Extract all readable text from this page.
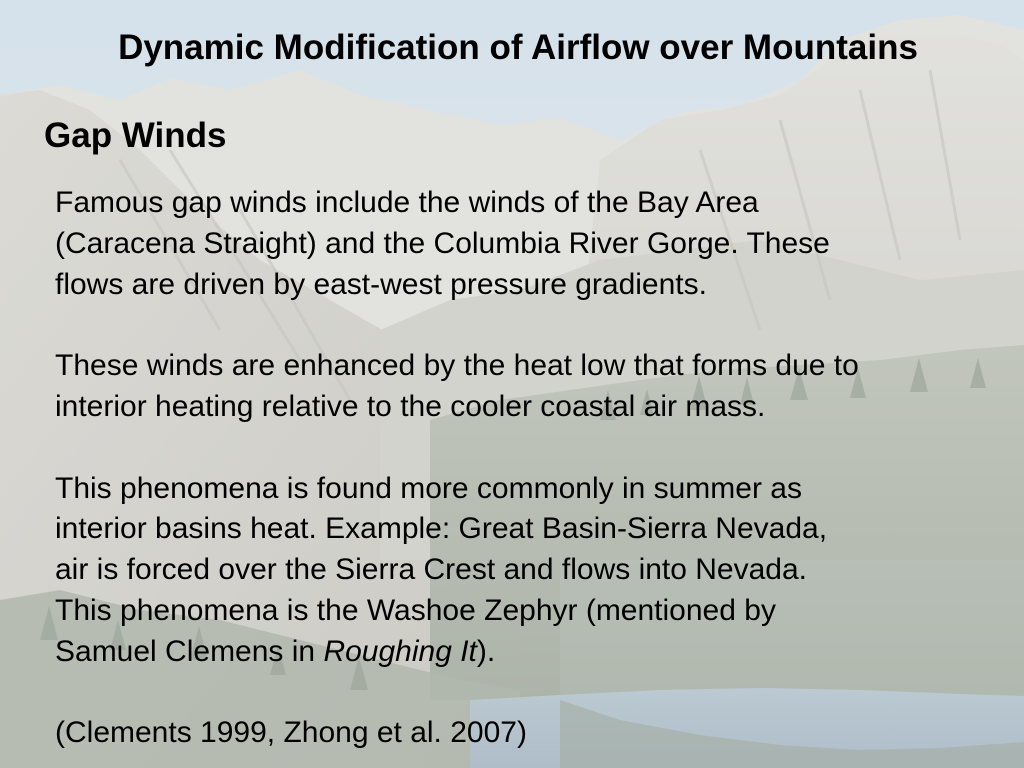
Dynamic Modification of Airflow over Mountains
Gap Winds

Famous gap winds include the winds of the Bay Area
(Caracena Straight) and the Columbia River Gorge. These
flows are driven by east-west pressure gradients.

These winds are enhanced by the heat low that forms due to
interior heating relative to the cooler coastal air mass.

This phenomena is found more commonly in summer as
interior basins heat. Example: Great Basin-Sierra Nevada,
air is forced over the Sierra Crest and flows into Nevada.
This phenomena is the Washoe Zephyr (mentioned by
Samuel Clemens in Roughing It).

(Clements 1999, Zhong et al. 2007)
